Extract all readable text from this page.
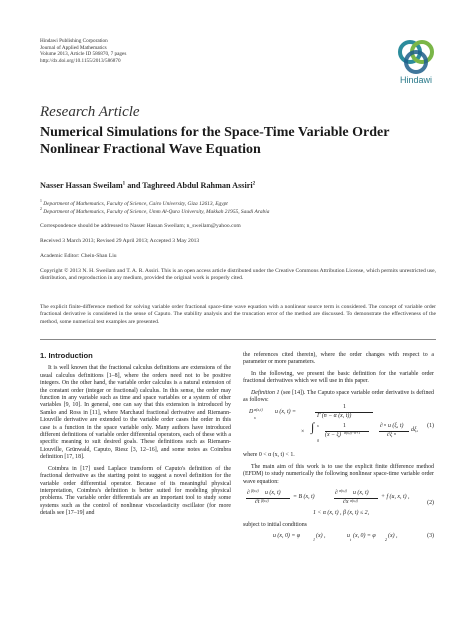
Hindawi Publishing Corporation
Journal of Applied Mathematics
Volume 2013, Article ID 586870, 7 pages
http://dx.doi.org/10.1155/2013/586870
Hindawi
Research Article
Numerical Simulations for the Space-Time Variable Order Nonlinear Fractional Wave Equation
Nasser Hassan Sweilam$^1$ and Taghreed Abdul Rahman Assiri$^2$
$^1$ Department of Mathematics, Faculty of Science, Cairo University, Giza 12613, Egypt
$^2$ Department of Mathematics, Faculty of Science, Umm Al-Qura University, Makkah 21955, Saudi Arabia
Correspondence should be addressed to Nasser Hassan Sweilam; n_sweilam@yahoo.com
Received 3 March 2013; Revised 29 April 2013; Accepted 3 May 2013
Academic Editor: Chein-Shan Liu
Copyright © 2013 N. H. Sweilam and T. A. R. Assiri. This is an open access article distributed under the Creative Commons Attribution License, which permits unrestricted use, distribution, and reproduction in any medium, provided the original work is properly cited.
The explicit finite-difference method for solving variable order fractional space-time wave equation with a nonlinear source term is considered. The concept of variable order fractional derivative is considered in the sense of Caputo. The stability analysis and the truncation error of the method are discussed. To demonstrate the effectiveness of the method, some numerical test examples are presented.
1. Introduction

It is well known that the fractional calculus definitions are extensions of the usual calculus definitions [1–8], where the orders need not to be positive integers. On the other hand, the variable order calculus is a natural extension of the constant order (integer or fractional) calculus. In this sense, the order may function in any variable such as time and space variables or a system of other variables [9, 10]. In general, one can say that this extension is introduced by Samko and Ross in [11], where Marchaud fractional derivative and Riemann-Liouville derivative are extended to the variable order cases the order in this case is a function in the space variable only. Many authors have introduced different definitions of variable order differential operators, each of these with a specific meaning to suit desired goals. These definitions such as Riemann-Liouville, Grünwald, Caputo, Riesz [3, 12–16], and some notes as Coimbra definition [17, 18].

Coimbra in [17] used Laplace transform of Caputo's definition of the fractional derivative as the starting point to suggest a novel definition for the variable order differential operator. Because of its meaningful physical interpretation, Coimbra's definition is better suited for modeling physical problems. The variable order differentials are an important tool to study some systems such as the control of nonlinear viscoelasticity oscillator (for more details see [17–19] and

the references cited therein), where the order changes with respect to a parameter or more parameters.

In the following, we present the basic definition for the variable order fractional derivatives which we will use in this paper.

Definition 1 (see [14]). The Caputo space variable order derivative is defined as follows:

D α(x,t)
x
u (x, t) =
1
Γ (n − α (x, t))
× ∫
0
x	1
(x − ξ) α(x,t)−n+1
∂ n u (ξ, t)
∂ξ n
dξ,
(1)

where 0 < α (x, t) < 1.

The main aim of this work is to use the explicit finite difference method (EFDM) to study numerically the following nonlinear space-time variable order wave equation:

∂ β(x,t) u (x, t)
∂t β(x,t)
= B (x, t)
∂ α(x,t) u (x, t)
∂x α(x,t)
+ f (u, x, t) ,
(2)
1 < α (x, t) , β (x, t) ≤ 2,

subject to initial conditions

u (x, 0) = φ
1
(x) ,	u
t
(x, 0) = φ
2
(x) ,	(3)
